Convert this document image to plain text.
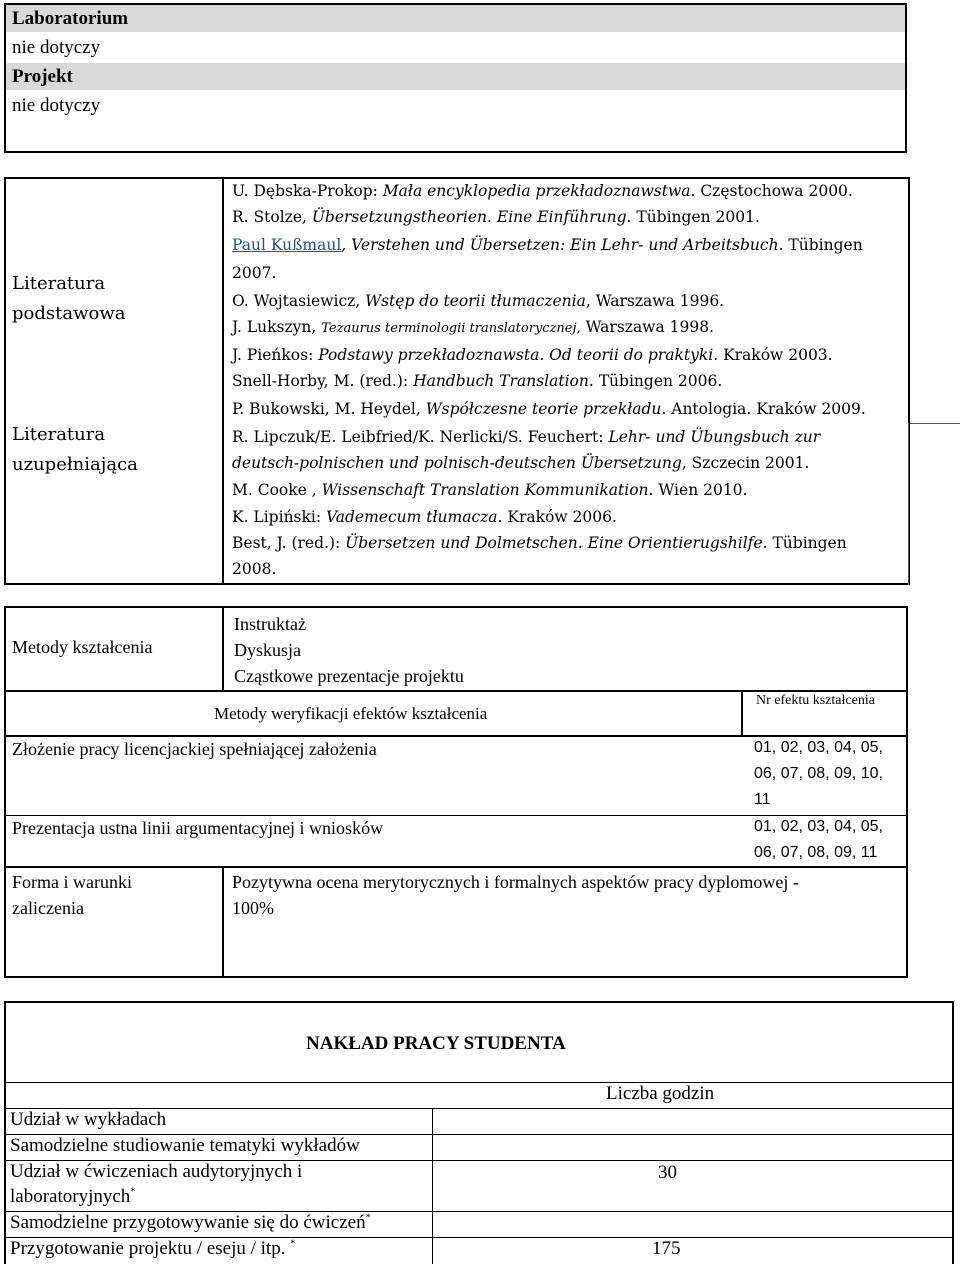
Laboratorium
nie dotyczy
Projekt
nie dotyczy
Literatura
podstawowa
Literatura
uzupełniająca
U. Dębska-Prokop: Mała encyklopedia przekładoznawstwa. Częstochowa 2000.
R. Stolze, Übersetzungstheorien. Eine Einführung. Tübingen 2001.
Paul Kußmaul, Verstehen und Übersetzen: Ein Lehr- und Arbeitsbuch. Tübingen
2007.
O. Wojtasiewicz, Wstęp do teorii tłumaczenia, Warszawa 1996.
J. Lukszyn, Tezaurus terminologii translatorycznej, Warszawa 1998.
J. Pieńkos: Podstawy przekładoznawsta. Od teorii do praktyki. Kraków 2003.
Snell-Horby, M. (red.): Handbuch Translation. Tübingen 2006.
P. Bukowski, M. Heydel, Współczesne teorie przekładu. Antologia. Kraków 2009.
R. Lipczuk/E. Leibfried/K. Nerlicki/S. Feuchert: Lehr- und Übungsbuch zur
deutsch-polnischen und polnisch-deutschen Übersetzung, Szczecin 2001.
M. Cooke , Wissenschaft Translation Kommunikation. Wien 2010.
K. Lipiński: Vademecum tłumacza. Kraków 2006.
Best, J. (red.): Übersetzen und Dolmetschen. Eine Orientierugshilfe. Tübingen
2008.
Metody kształcenia
Instruktaż
Dyskusja
Cząstkowe prezentacje projektu
Metody weryfikacji efektów kształcenia
Nr efektu kształcenia
Złożenie pracy licencjackiej spełniającej założenia	01, 02, 03, 04, 05,
06, 07, 08, 09, 10,
11
Prezentacja ustna linii argumentacyjnej i wniosków	01, 02, 03, 04, 05,
06, 07, 08, 09, 11
Forma i warunki
zaliczenia
Pozytywna ocena merytorycznych i formalnych aspektów pracy dyplomowej -
100%
NAKŁAD PRACY STUDENTA
Liczba godzin
Udział w wykładach
Samodzielne studiowanie tematyki wykładów
Udział w ćwiczeniach audytoryjnych i
laboratoryjnych*
Samodzielne przygotowywanie się do ćwiczeń*
Przygotowanie projektu / eseju / itp. *
30
175
